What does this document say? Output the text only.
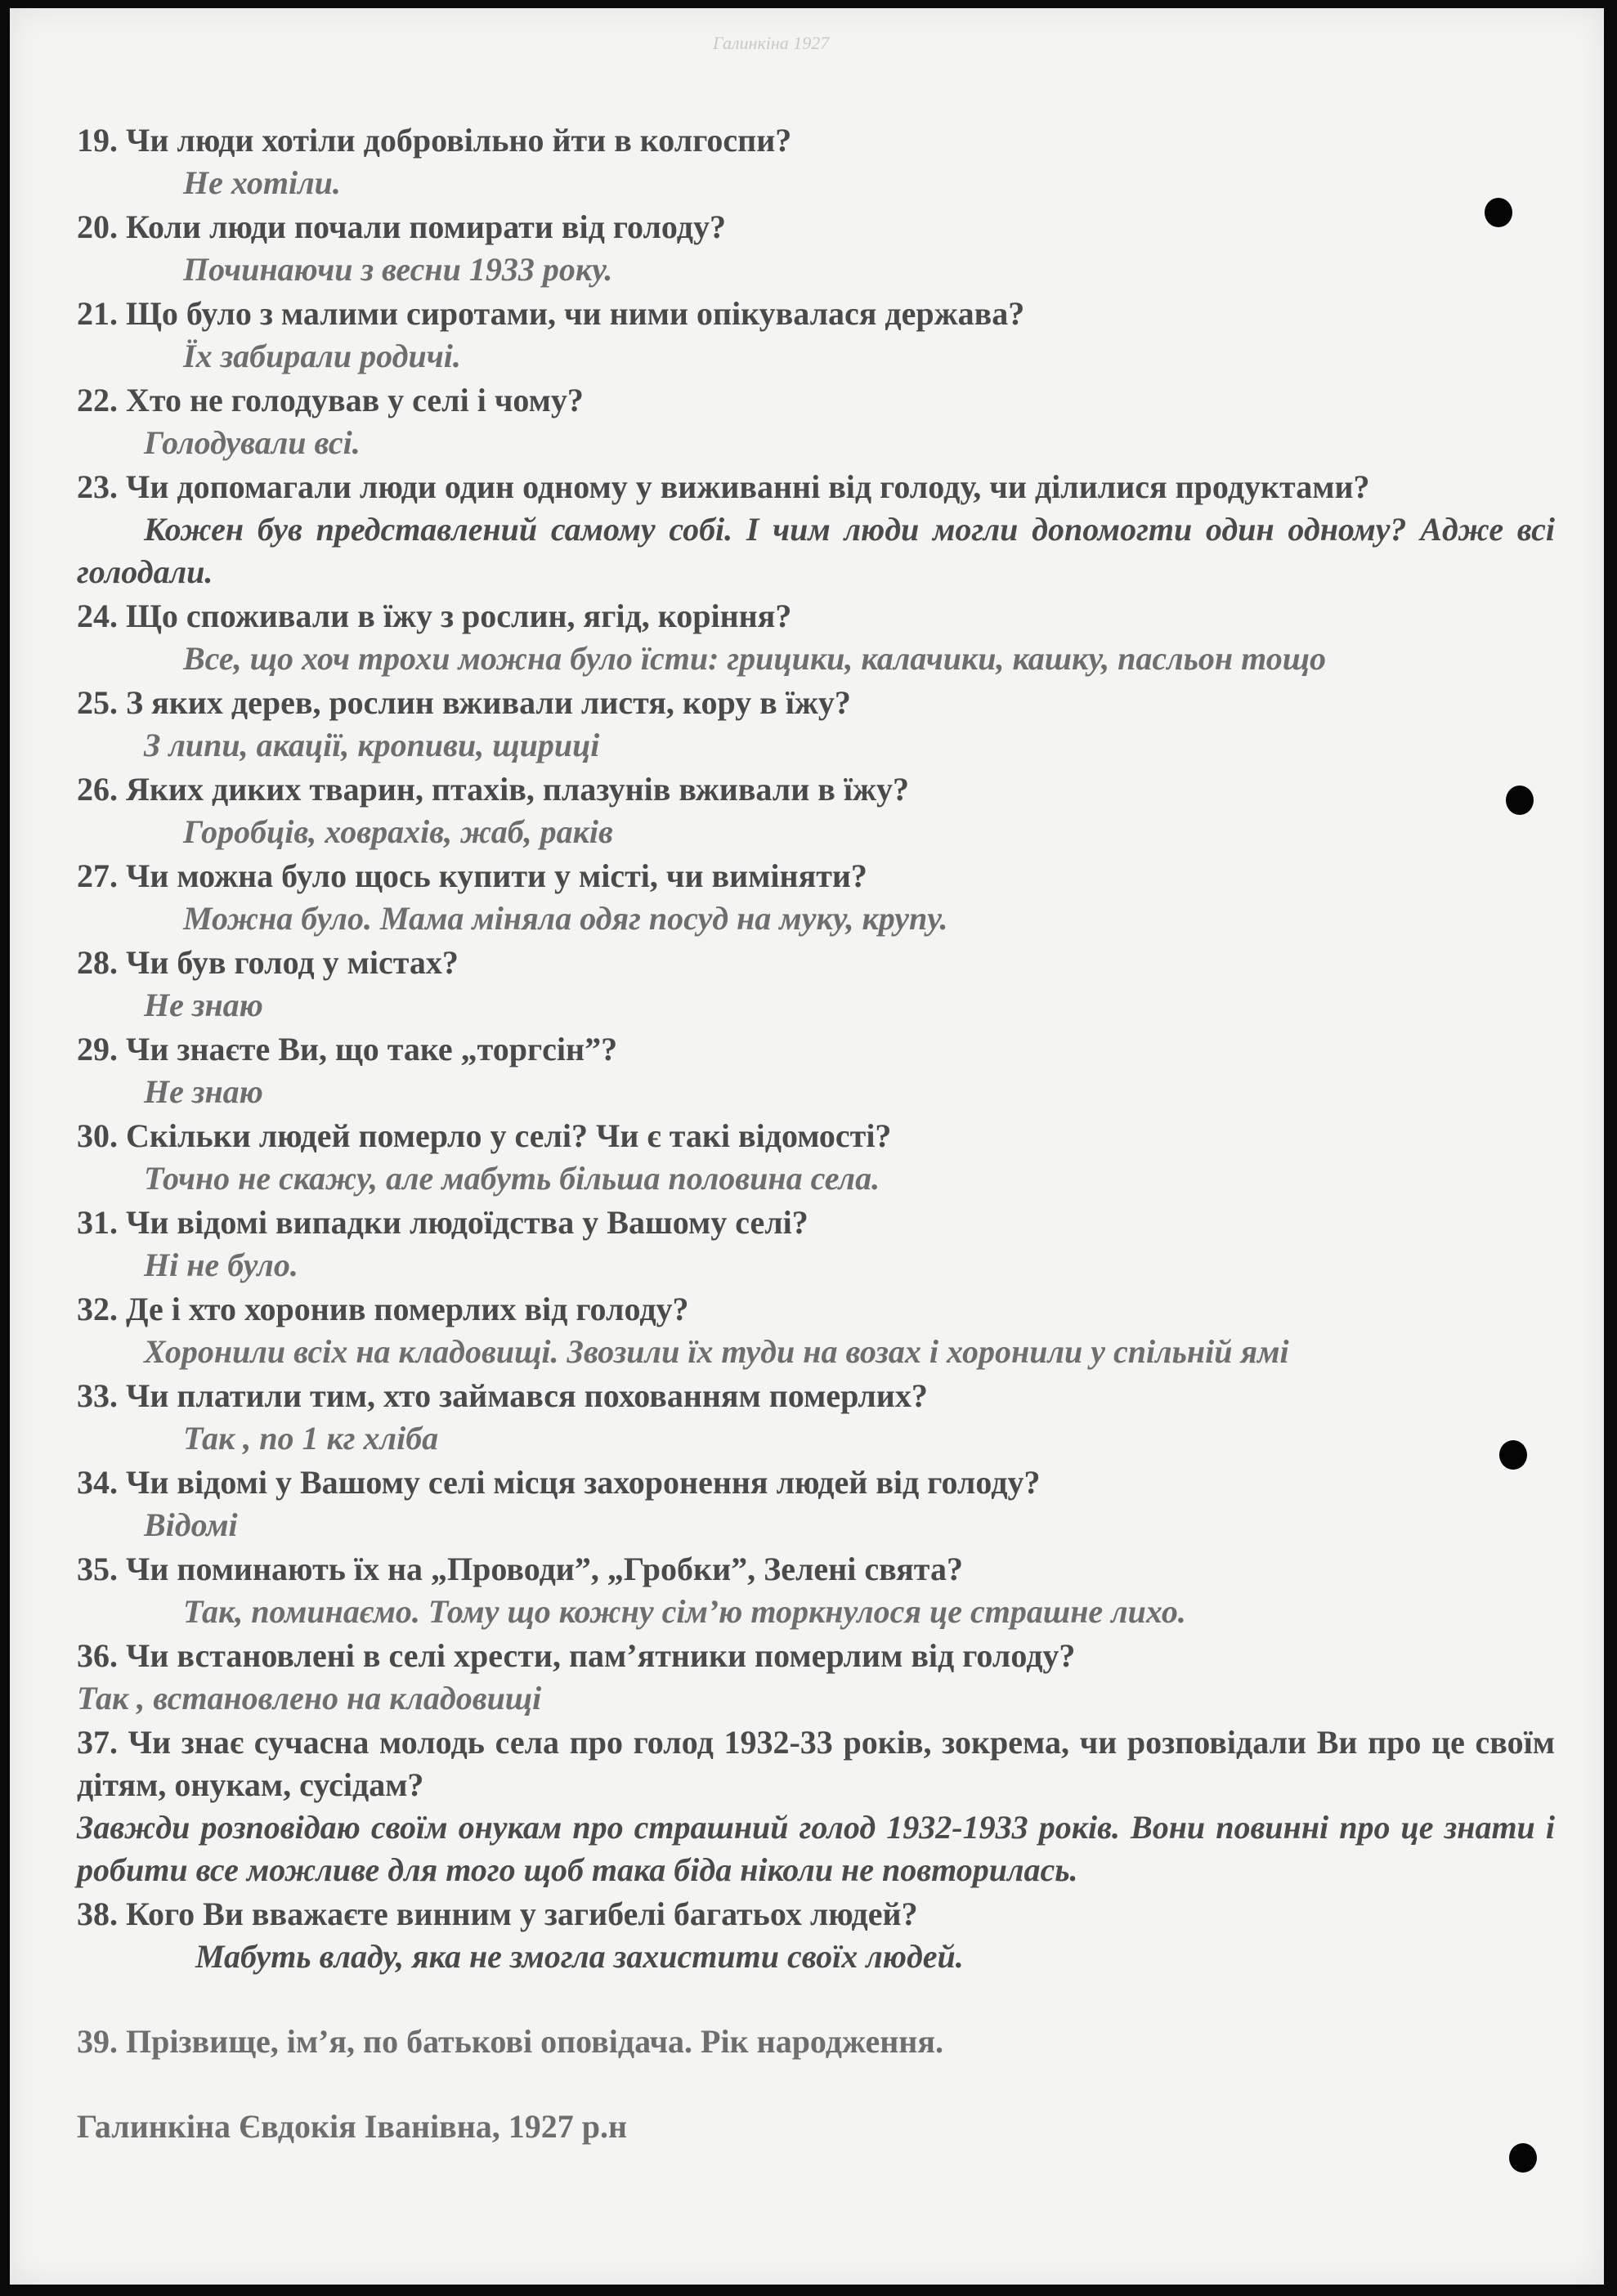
Галинкіна 1927

19. Чи люди хотіли добровільно йти в колгоспи?

Не хотіли.

20. Коли люди почали помирати від голоду?

Починаючи з весни 1933 року.

21. Що було з малими сиротами, чи ними опікувалася держава?

Їх забирали родичі.

22. Хто не голодував у селі і чому?

Голодували всі.

23. Чи допомагали люди один одному у виживанні від голоду, чи ділилися продуктами?

Кожен був представлений самому собі. І чим люди могли допомогти один одному? Адже всі голодали.

24. Що споживали в їжу з рослин, ягід, коріння?

Все, що хоч трохи можна було їсти: грицики, калачики, кашку, пасльон тощо

25. З яких дерев, рослин вживали листя, кору в їжу?

З липи, акації, кропиви, щириці

26. Яких диких тварин, птахів, плазунів вживали в їжу?

Горобців, ховрахів, жаб, раків

27. Чи можна було щось купити у місті, чи виміняти?

Можна було. Мама міняла одяг посуд на муку, крупу.

28. Чи був голод у містах?

Не знаю

29. Чи знаєте Ви, що таке „торгсін”?

Не знаю

30. Скільки людей померло у селі? Чи є такі відомості?

Точно не скажу, але мабуть більша половина села.

31. Чи відомі випадки людоїдства у Вашому селі?

Ні не було.

32. Де і хто хоронив померлих від голоду?

Хоронили всіх на кладовищі. Звозили їх туди на возах і хоронили у спільній ямі

33. Чи платили тим, хто займався похованням померлих?

Так , по 1 кг хліба

34. Чи відомі у Вашому селі місця захоронення людей від голоду?

Відомі

35. Чи поминають їх на „Проводи”, „Гробки”, Зелені свята?

Так, поминаємо. Тому що кожну сім’ю торкнулося це страшне лихо.

36. Чи встановлені в селі хрести, пам’ятники померлим від голоду?

Так , встановлено на кладовищі

37. Чи знає сучасна молодь села про голод 1932-33 років, зокрема, чи розповідали Ви про це своїм дітям, онукам, сусідам?

Завжди розповідаю своїм онукам про страшний голод 1932-1933 років. Вони повинні про це знати і робити все можливе для того щоб така біда ніколи не повторилась.

38. Кого Ви вважаєте винним у загибелі багатьох людей?

Мабуть владу, яка не змогла захистити своїх людей.

39. Прізвище, ім’я, по батькові оповідача. Рік народження.

Галинкіна Євдокія Іванівна, 1927 р.н
